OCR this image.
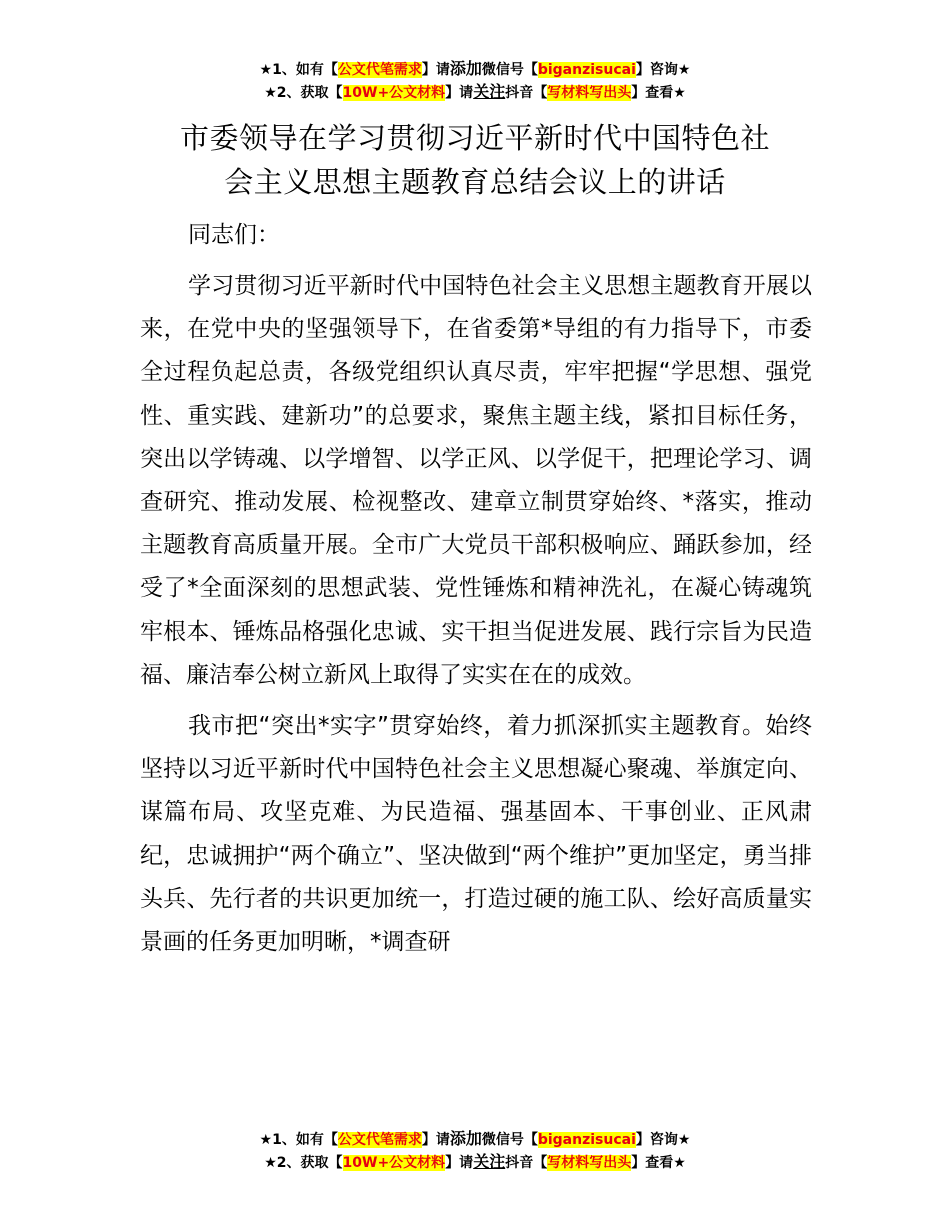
★1、如有【公文代笔需求】请添加微信号【biganzisucai】咨询★
★2、获取【10W+公文材料】请关注抖音【写材料写出头】查看★
市委领导在学习贯彻习近平新时代中国特色社
会主义思想主题教育总结会议上的讲话

同志们：

学习贯彻习近平新时代中国特色社会主义思想主题教育开展以来，在党中央的坚强领导下，在省委第*导组的有力指导下，市委全过程负起总责，各级党组织认真尽责，牢牢把握“学思想、强党性、重实践、建新功”的总要求，聚焦主题主线，紧扣目标任务，突出以学铸魂、以学增智、以学正风、以学促干，把理论学习、调查研究、推动发展、检视整改、建章立制贯穿始终、*落实，推动主题教育高质量开展。全市广大党员干部积极响应、踊跃参加，经受了*全面深刻的思想武装、党性锤炼和精神洗礼，在凝心铸魂筑牢根本、锤炼品格强化忠诚、实干担当促进发展、践行宗旨为民造福、廉洁奉公树立新风上取得了实实在在的成效。

我市把“突出*实字”贯穿始终，着力抓深抓实主题教育。始终坚持以习近平新时代中国特色社会主义思想凝心聚魂、举旗定向、谋篇布局、攻坚克难、为民造福、强基固本、干事创业、正风肃纪，忠诚拥护“两个确立”、坚决做到“两个维护”更加坚定，勇当排头兵、先行者的共识更加统一，打造过硬的施工队、绘好高质量实景画的任务更加明晰，*调查研

★1、如有【公文代笔需求】请添加微信号【biganzisucai】咨询★
★2、获取【10W+公文材料】请关注抖音【写材料写出头】查看★
